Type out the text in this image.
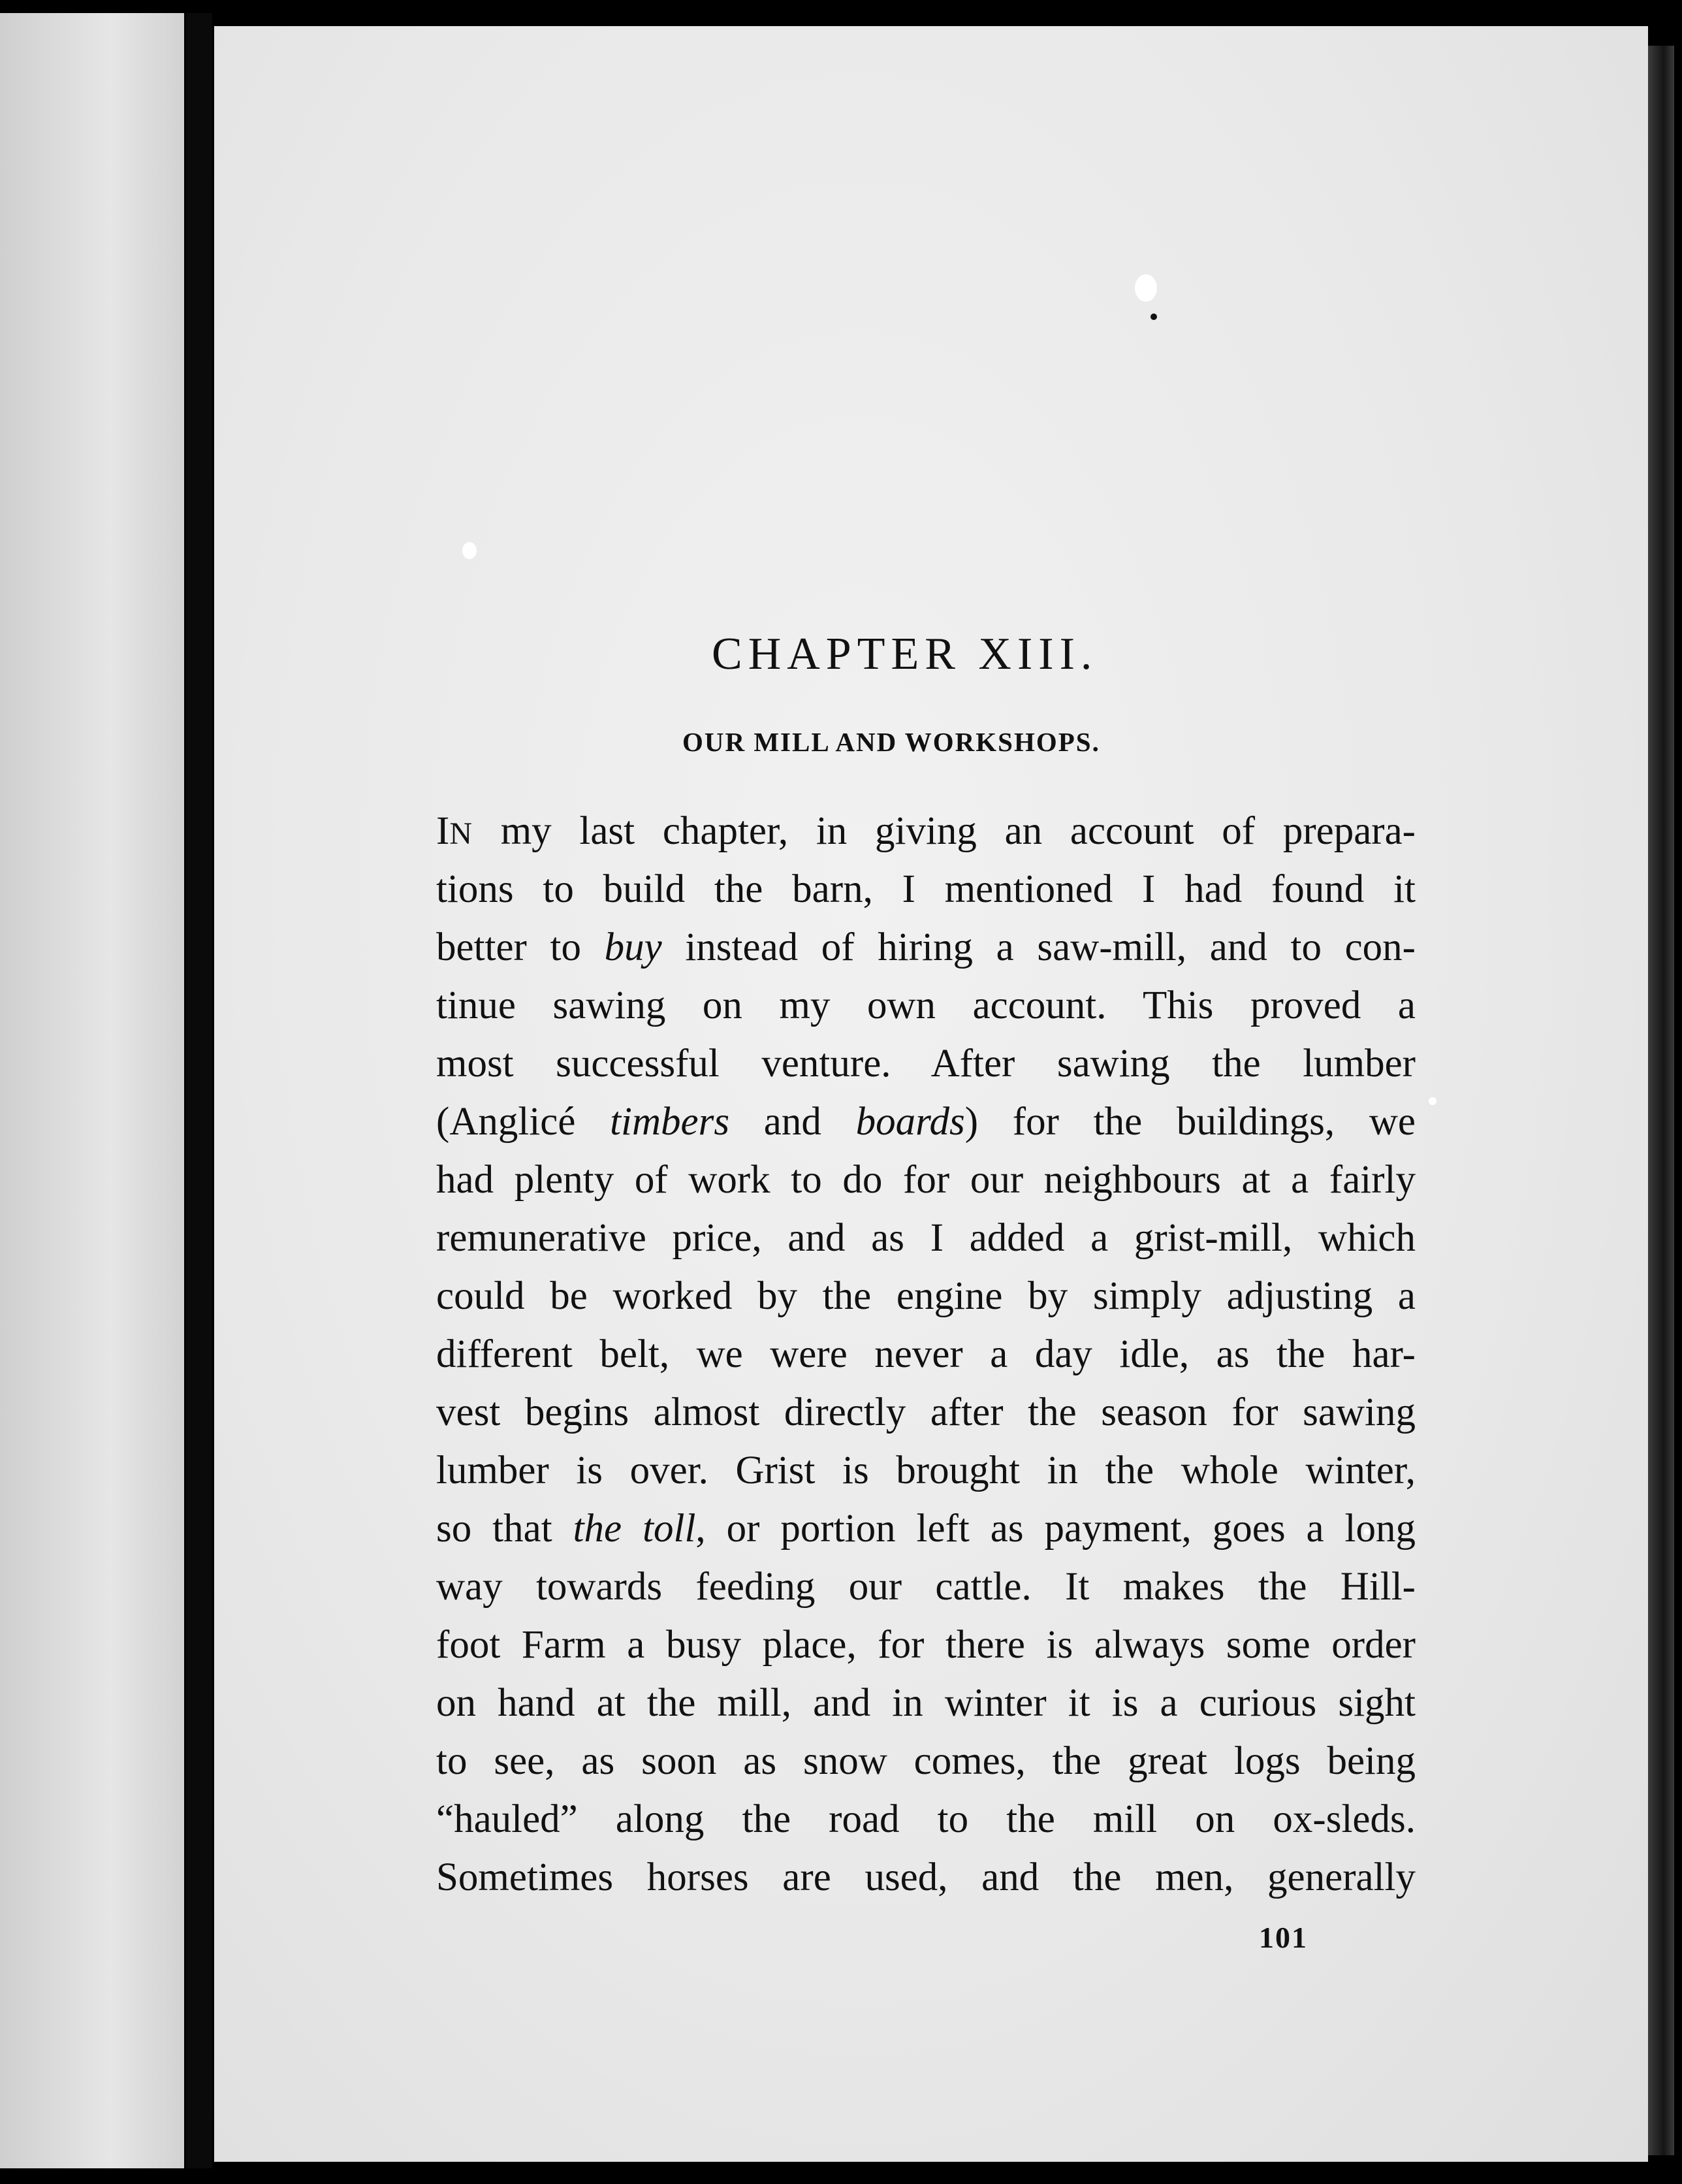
CHAPTER XIII.
OUR MILL AND WORKSHOPS.
IN my last chapter, in giving an account of prepara-
tions to build the barn, I mentioned I had found it
better to buy instead of hiring a saw-mill, and to con-
tinue sawing on my own account. This proved a
most successful venture. After sawing the lumber
(Anglicé timbers and boards) for the buildings, we
had plenty of work to do for our neighbours at a fairly
remunerative price, and as I added a grist-mill, which
could be worked by the engine by simply adjusting a
different belt, we were never a day idle, as the har-
vest begins almost directly after the season for sawing
lumber is over. Grist is brought in the whole winter,
so that the toll, or portion left as payment, goes a long
way towards feeding our cattle. It makes the Hill-
foot Farm a busy place, for there is always some order
on hand at the mill, and in winter it is a curious sight
to see, as soon as snow comes, the great logs being
“hauled” along the road to the mill on ox-sleds.
Sometimes horses are used, and the men, generally

101
